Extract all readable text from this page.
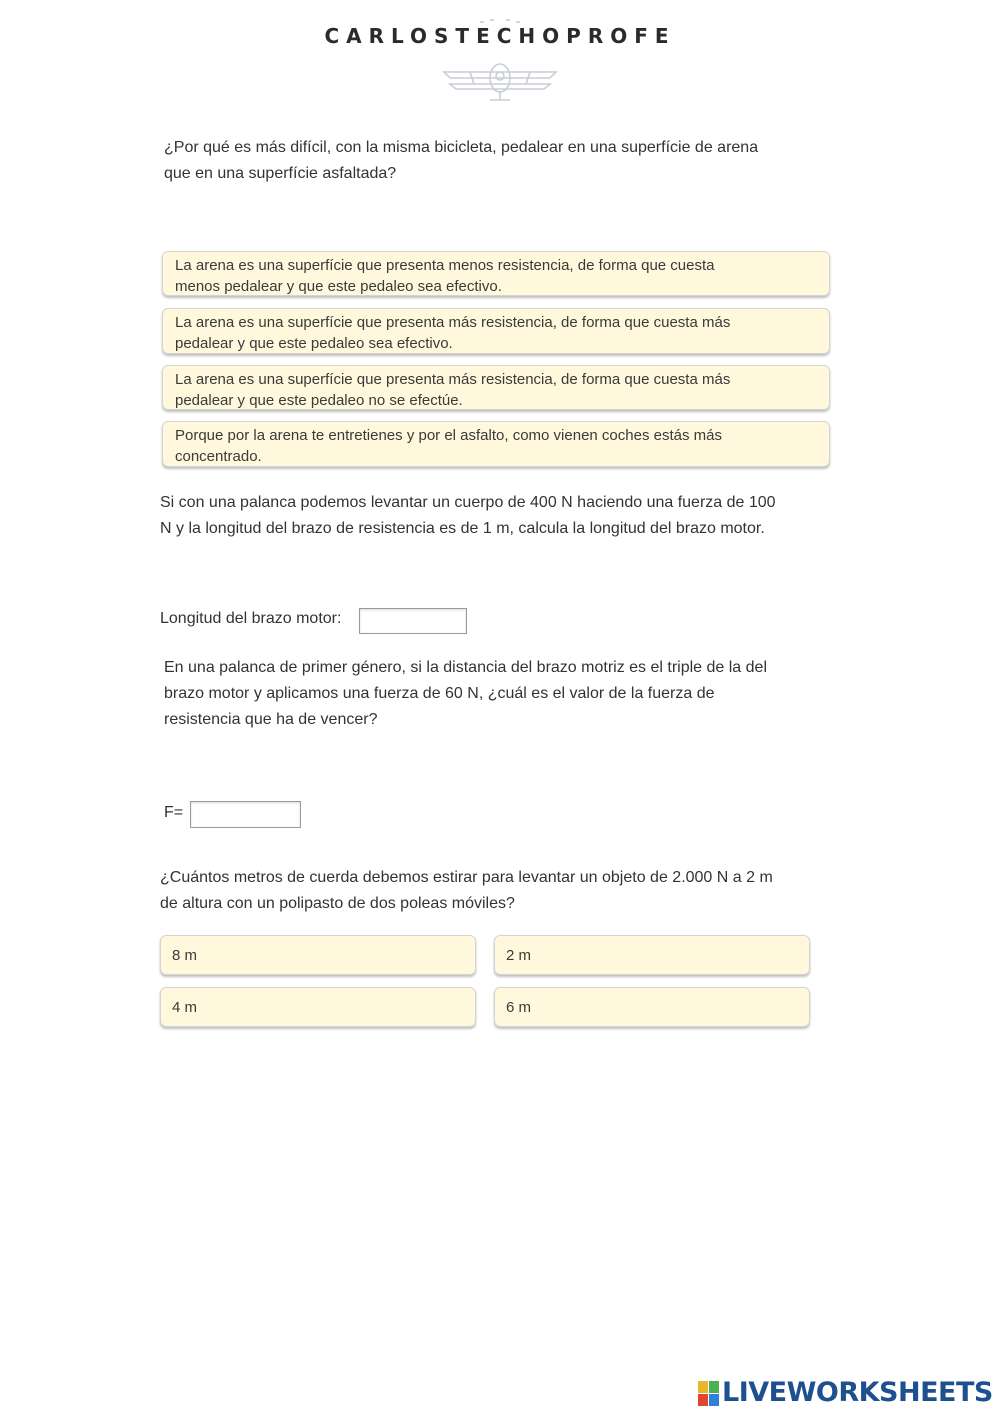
CARLOSTECHOPROFE
¿Por qué es más difícil, con la misma bicicleta, pedalear en una superfície de arena
que en una superfície asfaltada?
La arena es una superfície que presenta menos resistencia, de forma que cuesta
menos pedalear y que este pedaleo sea efectivo.
La arena es una superfície que presenta más resistencia, de forma que cuesta más
pedalear y que este pedaleo sea efectivo.
La arena es una superfície que presenta más resistencia, de forma que cuesta más
pedalear y que este pedaleo no se efectúe.
Porque por la arena te entretienes y por el asfalto, como vienen coches estás más
concentrado.
Si con una palanca podemos levantar un cuerpo de 400 N haciendo una fuerza de 100
N y la longitud del brazo de resistencia es de 1 m, calcula la longitud del brazo motor.
Longitud del brazo motor:
En una palanca de primer género, si la distancia del brazo motriz es el triple de la del
brazo motor y aplicamos una fuerza de 60 N, ¿cuál es el valor de la fuerza de
resistencia que ha de vencer?
F=
¿Cuántos metros de cuerda debemos estirar para levantar un objeto de 2.000 N a 2 m
de altura con un polipasto de dos poleas móviles?
8 m	2 m
4 m	6 m
LIVEWORKSHEETS
